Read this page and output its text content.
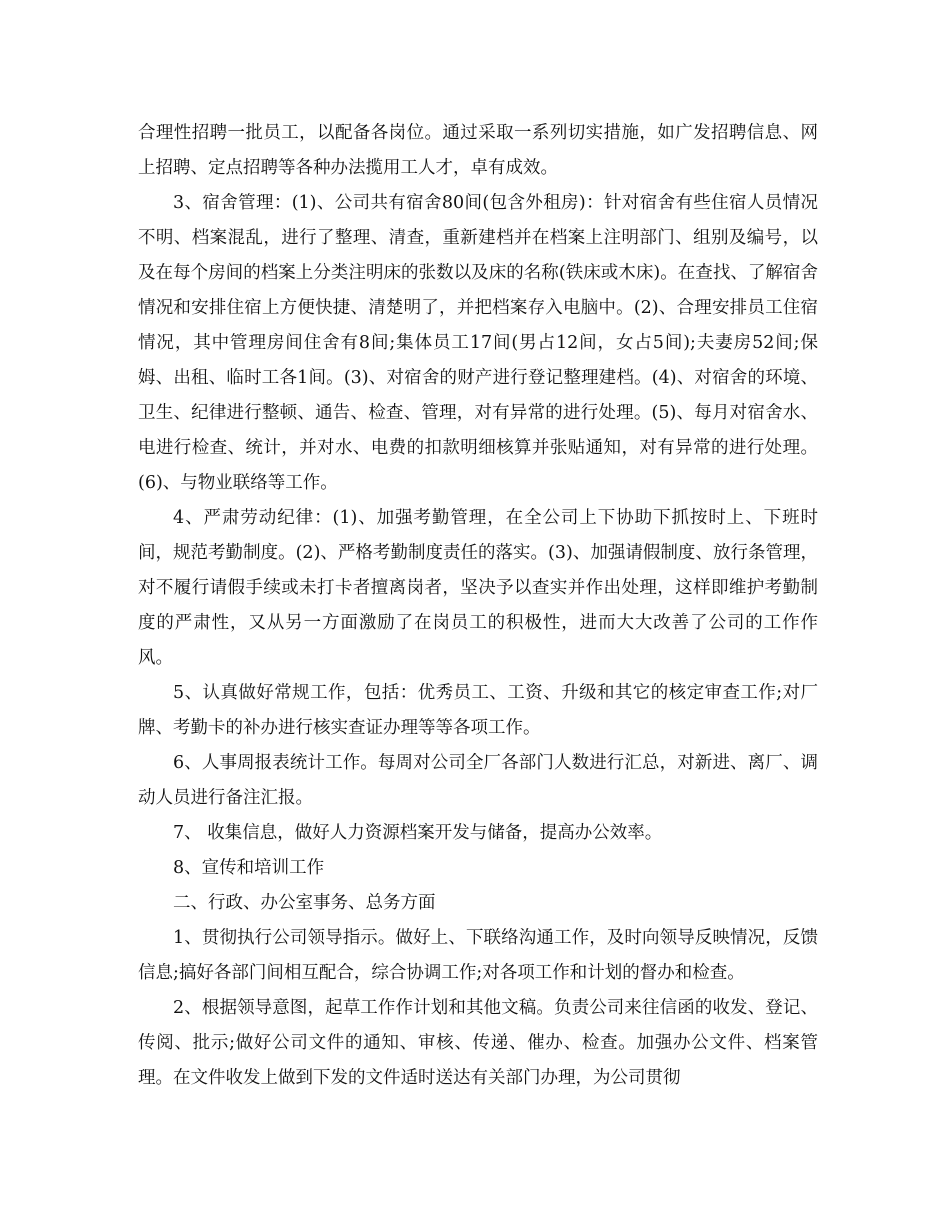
合理性招聘一批员工，以配备各岗位。通过采取一系列切实措施，如广发招聘信息、网上招聘、定点招聘等各种办法揽用工人才，卓有成效。

3、宿舍管理：(1)、公司共有宿舍80间(包含外租房)：针对宿舍有些住宿人员情况不明、档案混乱，进行了整理、清查，重新建档并在档案上注明部门、组别及编号，以及在每个房间的档案上分类注明床的张数以及床的名称(铁床或木床)。在查找、了解宿舍情况和安排住宿上方便快捷、清楚明了，并把档案存入电脑中。(2)、合理安排员工住宿情况，其中管理房间住舍有8间;集体员工17间(男占12间，女占5间);夫妻房52间;保姆、出租、临时工各1间。(3)、对宿舍的财产进行登记整理建档。(4)、对宿舍的环境、卫生、纪律进行整顿、通告、检查、管理，对有异常的进行处理。(5)、每月对宿舍水、电进行检查、统计，并对水、电费的扣款明细核算并张贴通知，对有异常的进行处理。(6)、与物业联络等工作。

4、严肃劳动纪律：(1)、加强考勤管理，在全公司上下协助下抓按时上、下班时间，规范考勤制度。(2)、严格考勤制度责任的落实。(3)、加强请假制度、放行条管理，对不履行请假手续或未打卡者擅离岗者，坚决予以查实并作出处理，这样即维护考勤制度的严肃性，又从另一方面激励了在岗员工的积极性，进而大大改善了公司的工作作风。

5、认真做好常规工作，包括：优秀员工、工资、升级和其它的核定审查工作;对厂牌、考勤卡的补办进行核实查证办理等等各项工作。

6、人事周报表统计工作。每周对公司全厂各部门人数进行汇总，对新进、离厂、调动人员进行备注汇报。

7、 收集信息，做好人力资源档案开发与储备，提高办公效率。

8、宣传和培训工作

二、行政、办公室事务、总务方面

1、贯彻执行公司领导指示。做好上、下联络沟通工作，及时向领导反映情况，反馈信息;搞好各部门间相互配合，综合协调工作;对各项工作和计划的督办和检查。

2、根据领导意图，起草工作作计划和其他文稿。负责公司来往信函的收发、登记、传阅、批示;做好公司文件的通知、审核、传递、催办、检查。加强办公文件、档案管理。在文件收发上做到下发的文件适时送达有关部门办理，为公司贯彻
